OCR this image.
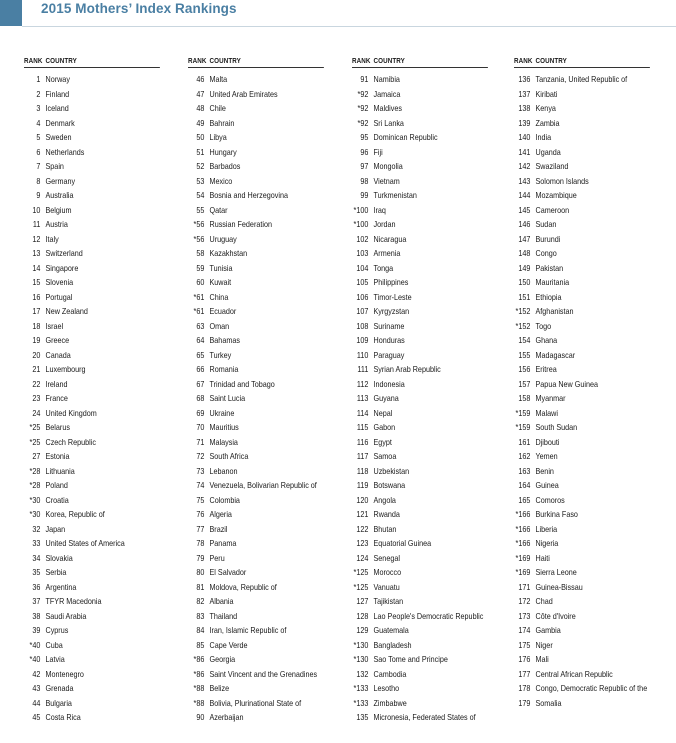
2015 Mothers’ Index Rankings
RANK COUNTRY
1 Norway
2 Finland
3 Iceland
4 Denmark
5 Sweden
6 Netherlands
7 Spain
8 Germany
9 Australia
10 Belgium
11 Austria
12 Italy
13 Switzerland
14 Singapore
15 Slovenia
16 Portugal
17 New Zealand
18 Israel
19 Greece
20 Canada
21 Luxembourg
22 Ireland
23 France
24 United Kingdom
*25 Belarus
*25 Czech Republic
27 Estonia
*28 Lithuania
*28 Poland
*30 Croatia
*30 Korea, Republic of
32 Japan
33 United States of America
34 Slovakia
35 Serbia
36 Argentina
37 TFYR Macedonia
38 Saudi Arabia
39 Cyprus
*40 Cuba
*40 Latvia
42 Montenegro
43 Grenada
44 Bulgaria
45 Costa Rica
RANK COUNTRY
46 Malta
47 United Arab Emirates
48 Chile
49 Bahrain
50 Libya
51 Hungary
52 Barbados
53 Mexico
54 Bosnia and Herzegovina
55 Qatar
*56 Russian Federation
*56 Uruguay
58 Kazakhstan
59 Tunisia
60 Kuwait
*61 China
*61 Ecuador
63 Oman
64 Bahamas
65 Turkey
66 Romania
67 Trinidad and Tobago
68 Saint Lucia
69 Ukraine
70 Mauritius
71 Malaysia
72 South Africa
73 Lebanon
74 Venezuela, Bolivarian Republic of
75 Colombia
76 Algeria
77 Brazil
78 Panama
79 Peru
80 El Salvador
81 Moldova, Republic of
82 Albania
83 Thailand
84 Iran, Islamic Republic of
85 Cape Verde
*86 Georgia
*86 Saint Vincent and the Grenadines
*88 Belize
*88 Bolivia, Plurinational State of
90 Azerbaijan
RANK COUNTRY
91 Namibia
*92 Jamaica
*92 Maldives
*92 Sri Lanka
95 Dominican Republic
96 Fiji
97 Mongolia
98 Vietnam
99 Turkmenistan
*100 Iraq
*100 Jordan
102 Nicaragua
103 Armenia
104 Tonga
105 Philippines
106 Timor-Leste
107 Kyrgyzstan
108 Suriname
109 Honduras
110 Paraguay
111 Syrian Arab Republic
112 Indonesia
113 Guyana
114 Nepal
115 Gabon
116 Egypt
117 Samoa
118 Uzbekistan
119 Botswana
120 Angola
121 Rwanda
122 Bhutan
123 Equatorial Guinea
124 Senegal
*125 Morocco
*125 Vanuatu
127 Tajikistan
128 Lao People's Democratic Republic
129 Guatemala
*130 Bangladesh
*130 Sao Tome and Principe
132 Cambodia
*133 Lesotho
*133 Zimbabwe
135 Micronesia, Federated States of
RANK COUNTRY
136 Tanzania, United Republic of
137 Kiribati
138 Kenya
139 Zambia
140 India
141 Uganda
142 Swaziland
143 Solomon Islands
144 Mozambique
145 Cameroon
146 Sudan
147 Burundi
148 Congo
149 Pakistan
150 Mauritania
151 Ethiopia
*152 Afghanistan
*152 Togo
154 Ghana
155 Madagascar
156 Eritrea
157 Papua New Guinea
158 Myanmar
*159 Malawi
*159 South Sudan
161 Djibouti
162 Yemen
163 Benin
164 Guinea
165 Comoros
*166 Burkina Faso
*166 Liberia
*166 Nigeria
*169 Haiti
*169 Sierra Leone
171 Guinea-Bissau
172 Chad
173 Côte d'Ivoire
174 Gambia
175 Niger
176 Mali
177 Central African Republic
178 Congo, Democratic Republic of the
179 Somalia
